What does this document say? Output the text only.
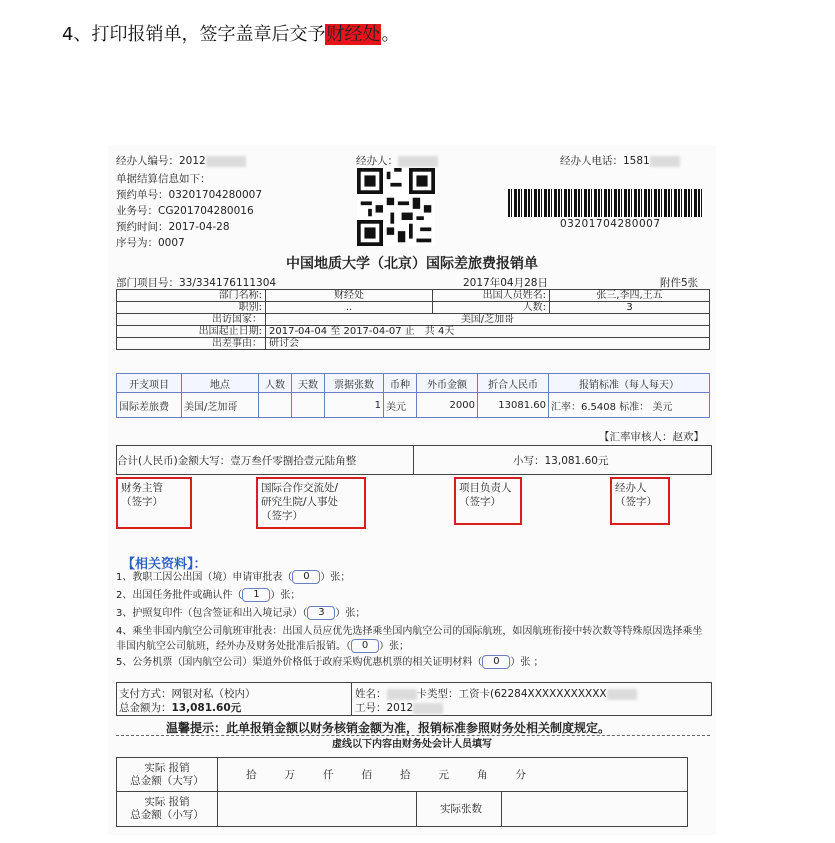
4、打印报销单，签字盖章后交予财经处。
经办人编号：2012	经办人：	经办人电话：1581
单据结算信息如下：
预约单号：03201704280007
业务号：CG201704280016
预约时间：2017-04-28
序号为：0007
03201704280007
中国地质大学（北京）国际差旅费报销单
部门项目号：33/334176111304	2017年04月28日	附件5张
部门名称:	财经处	出国人员姓名:	张三,李四,王五
职别:	..	人数:	3
出访国家：	美国/芝加哥		
出国起止日期:	2017-04-04 至 2017-04-07 止　共 4天		
出差事由：	研讨会		
开支项目	地点	人数	天数	票据张数	币种	外币金额	折合人民币	报销标准（每人每天）
国际差旅费	美国/芝加哥			1	美元	2000	13081.60	汇率：6.5408 标准： 美元
【汇率审核人：赵欢】
合计(人民币)金额大写：壹万叁仟零捌拾壹元陆角整	小写：13,081.60元
财务主管
（签字）
国际合作交流处/
研究生院/人事处
（签字）
项目负责人
（签字）
经办人
（签字）
【相关资料】：
1、教职工因公出国（境）申请审批表（ 0 ）张；
2、出国任务批件或确认件（ 1 ）张；
3、护照复印件（包含签证和出入境记录）（ 3 ）张；
4、乘坐非国内航空公司航班审批表：出国人员应优先选择乘坐国内航空公司的国际航班，如因航班衔接中转次数等特殊原因选择乘坐非国内航空公司航班，经外办及财务处批准后报销。（ 0 ）张；
5、公务机票（国内航空公司）渠道外价格低于政府采购优惠机票的相关证明材料（ 0 ）张 ；
支付方式：网银对私（校内）
总金额为：13,081.60元
姓名：	卡类型：工资卡(62284XXXXXXXXXXX
工号：2012
温馨提示：此单报销金额以财务核销金额为准，报销标准参照财务处相关制度规定。
虚线以下内容由财务处会计人员填写
实际 报销
总金额（大写）	拾 万 仟 佰 拾 元 角 分	
实际 报销
总金额（小写）		实际张数
